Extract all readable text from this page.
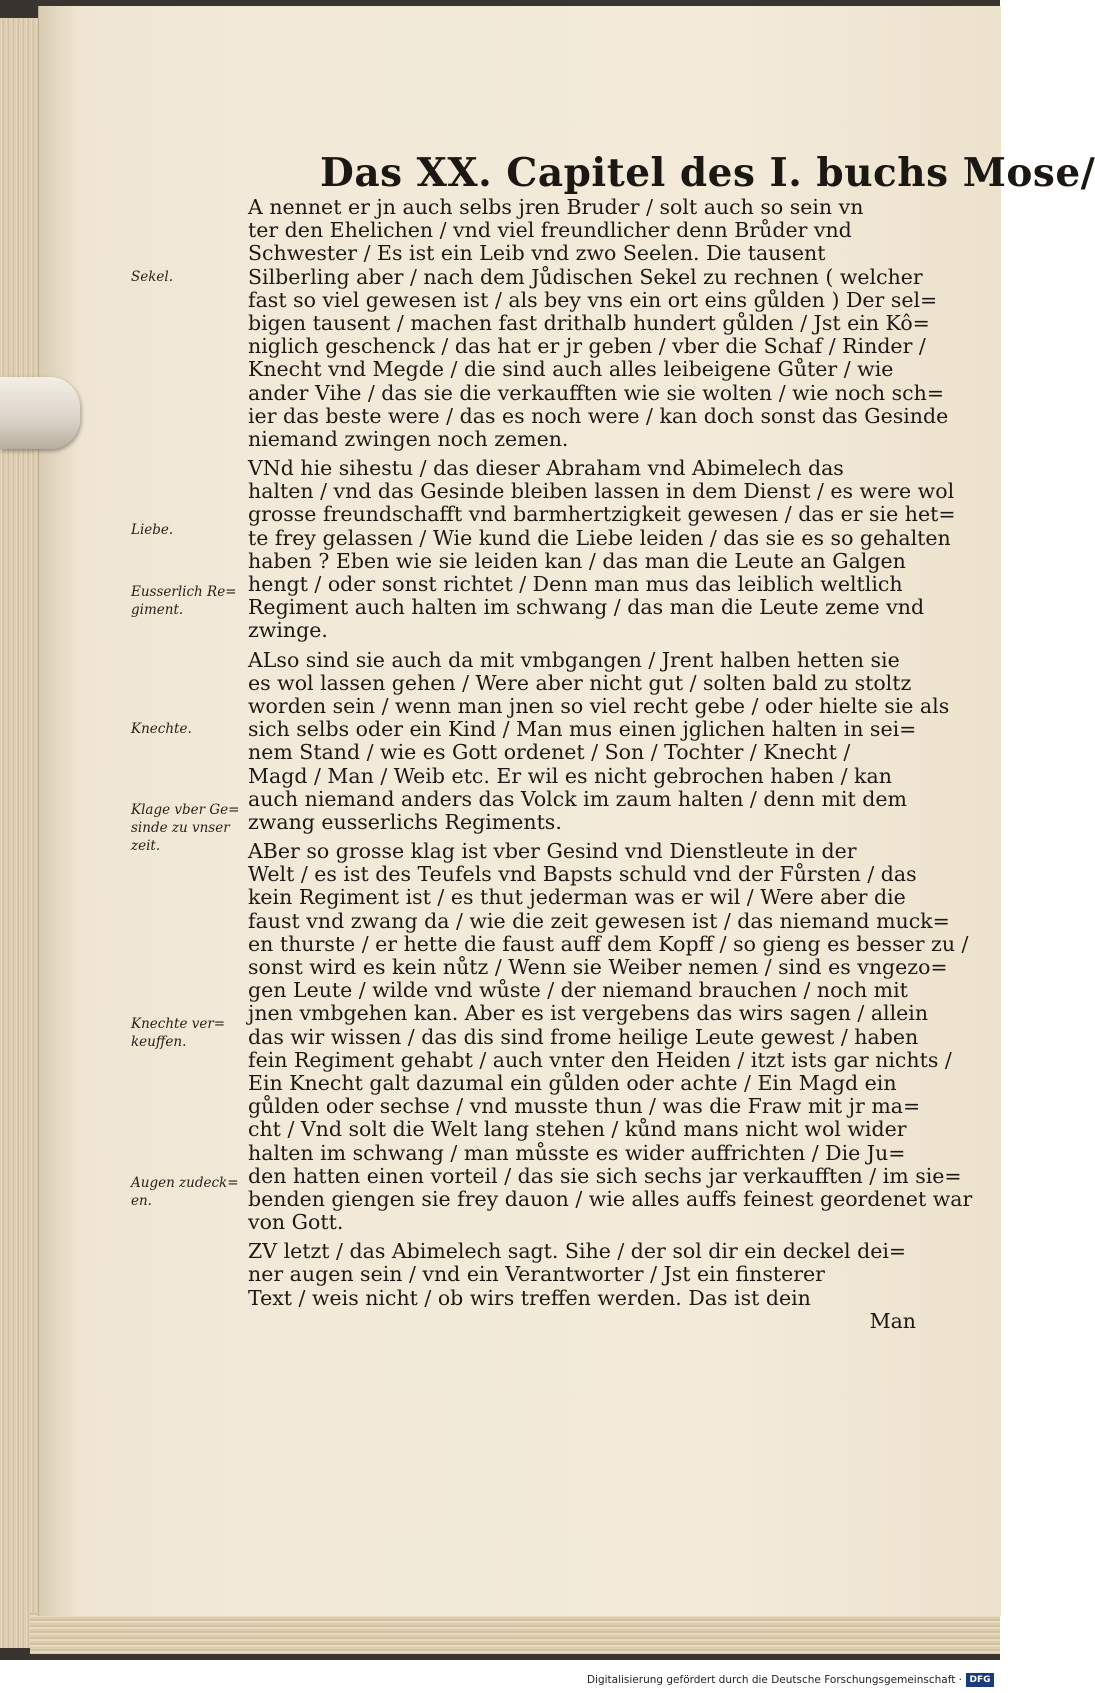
Das XX. Capitel des I. buchs Mose/
A nennet er jn auch selbs jren Bruder / solt auch so sein vn
ter den Ehelichen / vnd viel freundlicher denn Brůder vnd
Schwester / Es ist ein Leib vnd zwo Seelen. Die tausent
Silberling aber / nach dem Jůdischen Sekel zu rechnen ( welcher
fast so viel gewesen ist / als bey vns ein ort eins gůlden ) Der sel=
bigen tausent / machen fast drithalb hundert gůlden / Jst ein Kô=
niglich geschenck / das hat er jr geben / vber die Schaf / Rinder /
Knecht vnd Megde / die sind auch alles leibeigene Gůter / wie
ander Vihe / das sie die verkaufften wie sie wolten / wie noch sch=
ier das beste were / das es noch were / kan doch sonst das Gesinde
niemand zwingen noch zemen.
VNd hie sihestu / das dieser Abraham vnd Abimelech das
halten / vnd das Gesinde bleiben lassen in dem Dienst / es were wol
grosse freundschafft vnd barmhertzigkeit gewesen / das er sie het=
te frey gelassen / Wie kund die Liebe leiden / das sie es so gehalten
haben ? Eben wie sie leiden kan / das man die Leute an Galgen
hengt / oder sonst richtet / Denn man mus das leiblich weltlich
Regiment auch halten im schwang / das man die Leute zeme vnd
zwinge.
ALso sind sie auch da mit vmbgangen / Jrent halben hetten sie
es wol lassen gehen / Were aber nicht gut / solten bald zu stoltz
worden sein / wenn man jnen so viel recht gebe / oder hielte sie als
sich selbs oder ein Kind / Man mus einen jglichen halten in sei=
nem Stand / wie es Gott ordenet / Son / Tochter / Knecht /
Magd / Man / Weib etc. Er wil es nicht gebrochen haben / kan
auch niemand anders das Volck im zaum halten / denn mit dem
zwang eusserlichs Regiments.
ABer so grosse klag ist vber Gesind vnd Dienstleute in der
Welt / es ist des Teufels vnd Bapsts schuld vnd der Fůrsten / das
kein Regiment ist / es thut jederman was er wil / Were aber die
faust vnd zwang da / wie die zeit gewesen ist / das niemand muck=
en thurste / er hette die faust auff dem Kopff / so gieng es besser zu /
sonst wird es kein nůtz / Wenn sie Weiber nemen / sind es vngezo=
gen Leute / wilde vnd wůste / der niemand brauchen / noch mit
jnen vmbgehen kan. Aber es ist vergebens das wirs sagen / allein
das wir wissen / das dis sind frome heilige Leute gewest / haben
fein Regiment gehabt / auch vnter den Heiden / itzt ists gar nichts /
Ein Knecht galt dazumal ein gůlden oder achte / Ein Magd ein
gůlden oder sechse / vnd musste thun / was die Fraw mit jr ma=
cht / Vnd solt die Welt lang stehen / kůnd mans nicht wol wider
halten im schwang / man můsste es wider auffrichten / Die Ju=
den hatten einen vorteil / das sie sich sechs jar verkaufften / im sie=
benden giengen sie frey dauon / wie alles auffs feinest geordenet war
von Gott.
ZV letzt / das Abimelech sagt. Sihe / der sol dir ein deckel dei=
ner augen sein / vnd ein Verantworter / Jst ein finsterer
Text / weis nicht / ob wirs treffen werden. Das ist dein
Man
Sekel.
Liebe.
Eusserlich Re=
giment.
Knechte.
Klage vber Ge=
sinde zu vnser
zeit.
Knechte ver=
keuffen.
Augen zudeck=
en.
Digitalisierung gefördert durch die Deutsche Forschungsgemeinschaft · DFG
